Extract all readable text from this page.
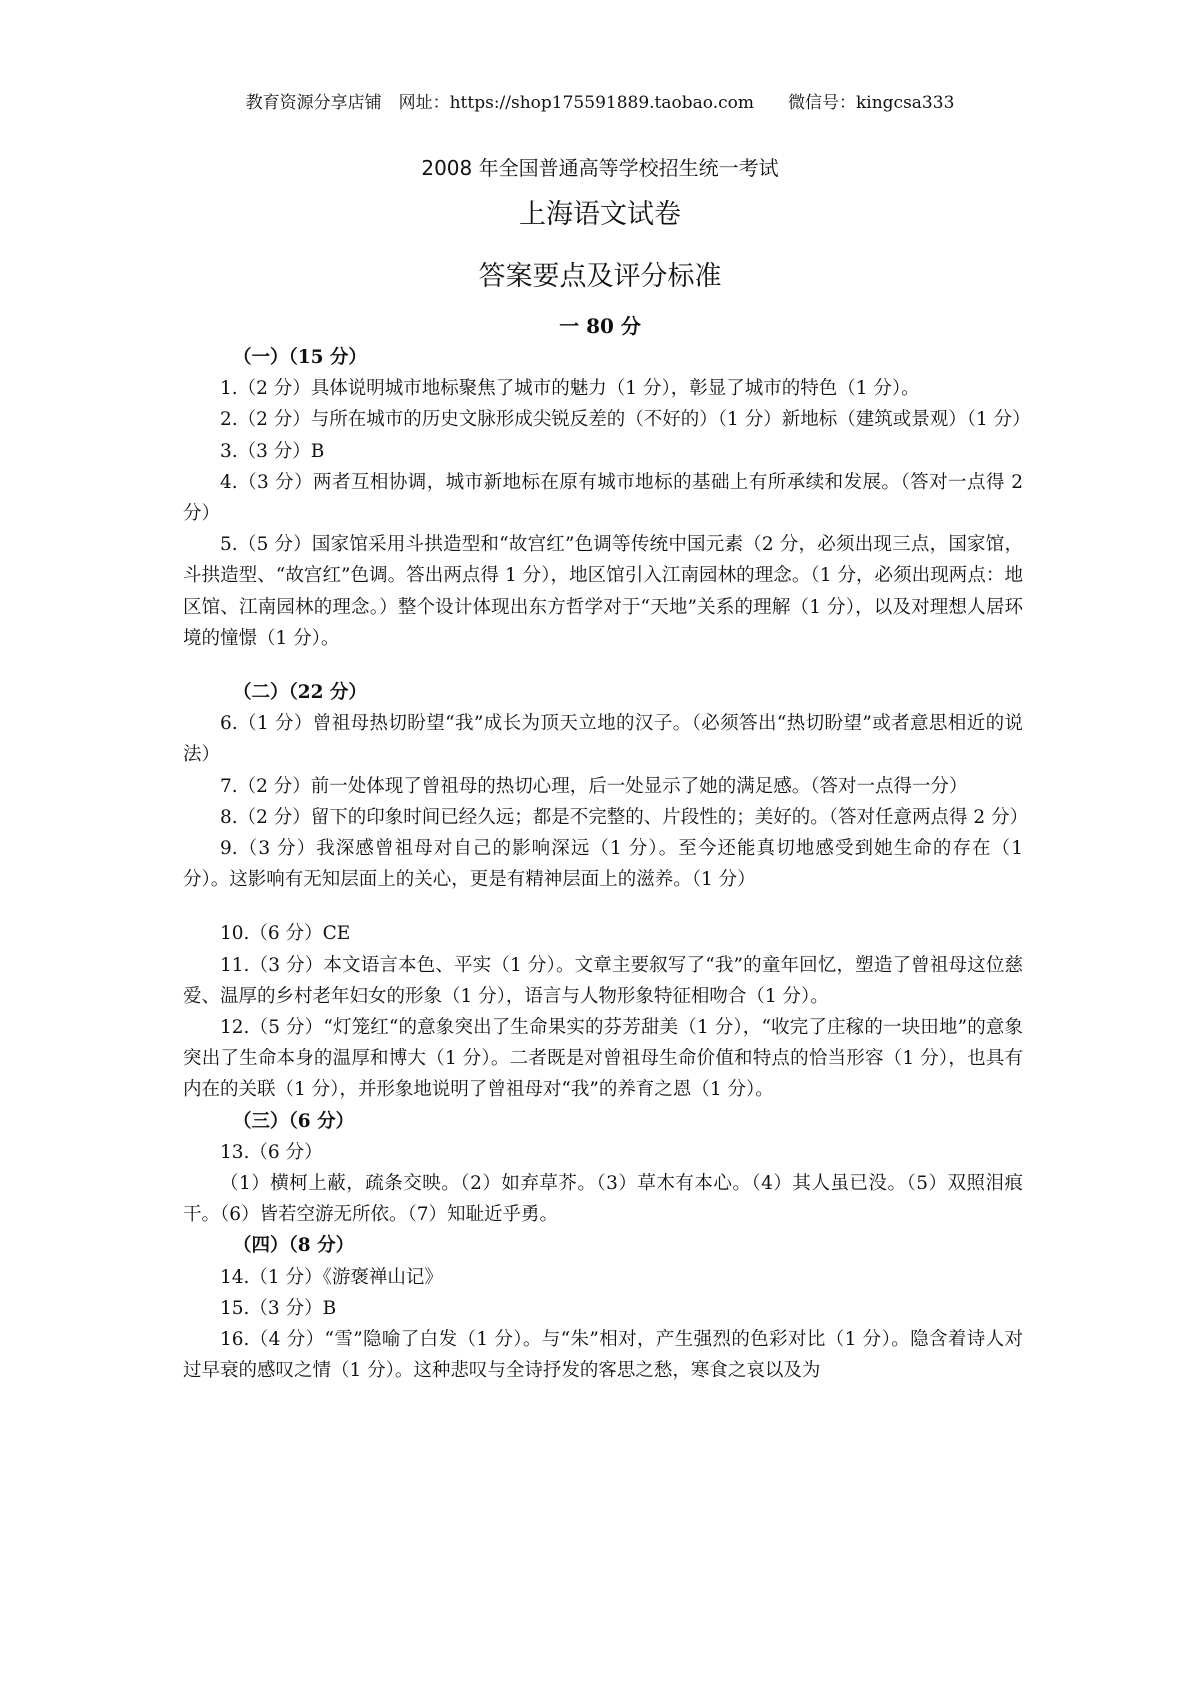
教育资源分享店铺　网址：https://shop175591889.taobao.com　　微信号：kingcsa333
2008 年全国普通高等学校招生统一考试
上海语文试卷
答案要点及评分标准
一 80 分
（一）（15 分）
1.（2 分）具体说明城市地标聚焦了城市的魅力（1 分），彰显了城市的特色（1 分）。
2.（2 分）与所在城市的历史文脉形成尖锐反差的（不好的）（1 分）新地标（建筑或景观）（1 分）
3.（3 分）B
4.（3 分）两者互相协调，城市新地标在原有城市地标的基础上有所承续和发展。（答对一点得 2 分）
5.（5 分）国家馆采用斗拱造型和“故宫红”色调等传统中国元素（2 分，必须出现三点，国家馆，斗拱造型、“故宫红”色调。答出两点得 1 分），地区馆引入江南园林的理念。（1 分，必须出现两点：地区馆、江南园林的理念。）整个设计体现出东方哲学对于“天地”关系的理解（1 分），以及对理想人居环境的憧憬（1 分）。
（二）（22 分）
6.（1 分）曾祖母热切盼望“我”成长为顶天立地的汉子。（必须答出“热切盼望”或者意思相近的说法）
7.（2 分）前一处体现了曾祖母的热切心理，后一处显示了她的满足感。（答对一点得一分）
8.（2 分）留下的印象时间已经久远；都是不完整的、片段性的；美好的。（答对任意两点得 2 分）
9.（3 分）我深感曾祖母对自己的影响深远（1 分）。至今还能真切地感受到她生命的存在（1 分）。这影响有无知层面上的关心，更是有精神层面上的滋养。（1 分）
10.（6 分）CE
11.（3 分）本文语言本色、平实（1 分）。文章主要叙写了“我”的童年回忆，塑造了曾祖母这位慈爱、温厚的乡村老年妇女的形象（1 分），语言与人物形象特征相吻合（1 分）。
12.（5 分）“灯笼红“的意象突出了生命果实的芬芳甜美（1 分），“收完了庄稼的一块田地”的意象突出了生命本身的温厚和博大（1 分）。二者既是对曾祖母生命价值和特点的恰当形容（1 分），也具有内在的关联（1 分），并形象地说明了曾祖母对“我”的养育之恩（1 分）。
（三）（6 分）
13.（6 分）
（1）横柯上蔽，疏条交映。（2）如弃草芥。（3）草木有本心。（4）其人虽已没。（5）双照泪痕干。（6）皆若空游无所依。（7）知耻近乎勇。
（四）（8 分）
14.（1 分）《游褒禅山记》
15.（3 分）B
16.（4 分）“雪”隐喻了白发（1 分）。与“朱”相对，产生强烈的色彩对比（1 分）。隐含着诗人对过早衰的感叹之情（1 分）。这种悲叹与全诗抒发的客思之愁，寒食之哀以及为
